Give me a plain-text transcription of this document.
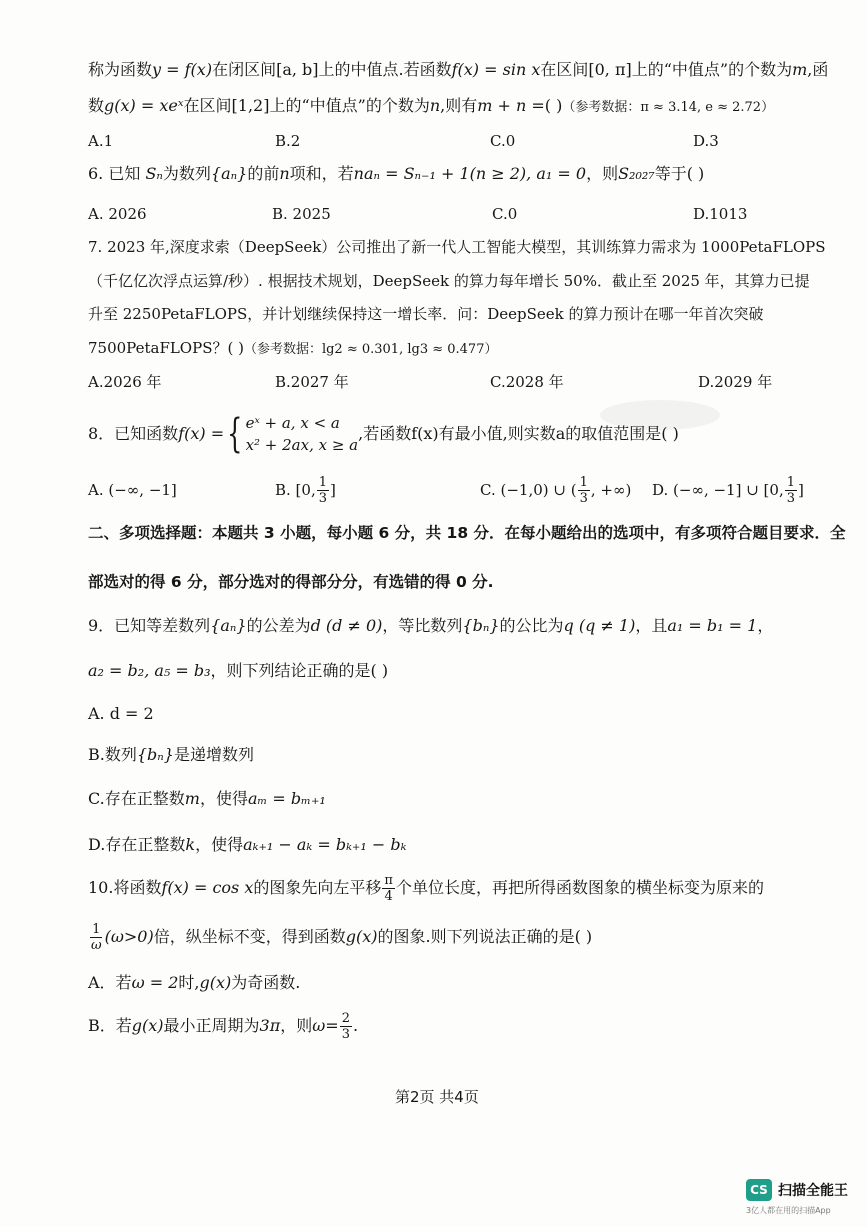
称为函数y = f(x)在闭区间[a, b]上的中值点.若函数f(x) = sin x在区间[0, π]上的“中值点”的个数为m,函
数g(x) = xeˣ在区间[1,2]上的“中值点”的个数为n,则有m + n =( )（参考数据：π ≈ 3.14, e ≈ 2.72）
A.1	B.2	C.0	D.3
6. 已知 Sₙ为数列{aₙ}的前n项和，若naₙ = Sₙ₋₁ + 1(n ≥ 2), a₁ = 0，则S₂₀₂₇等于( )
A. 2026	B. 2025	C.0	D.1013
7. 2023 年,深度求索（DeepSeek）公司推出了新一代人工智能大模型，其训练算力需求为 1000PetaFLOPS
（千亿亿次浮点运算/秒）. 根据技术规划，DeepSeek 的算力每年增长 50%．截止至 2025 年，其算力已提
升至 2250PetaFLOPS，并计划继续保持这一增长率．问：DeepSeek 的算力预计在哪一年首次突破
7500PetaFLOPS？( )（参考数据：lg2 ≈ 0.301, lg3 ≈ 0.477）
A.2026 年	B.2027 年	C.2028 年	D.2029 年
8．已知函数 f(x) = { eˣ + a, x < a
x² + 2ax, x ≥ a
,若函数f(x)有最小值,则实数a的取值范围是( )
A. (−∞, −1]	B. [0, $\frac{1}{3}$ ]	C. (−1,0) ∪ ( $\frac{1}{3}$ , +∞) D. (−∞, −1] ∪ [0, $\frac{1}{3}$ ]
二、多项选择题：本题共 3 小题，每小题 6 分，共 18 分．在每小题给出的选项中，有多项符合题目要求．全
部选对的得 6 分，部分选对的得部分分，有选错的得 0 分.
9．已知等差数列{aₙ}的公差为d (d ≠ 0)，等比数列{bₙ}的公比为q (q ≠ 1)，且a₁ = b₁ = 1，
a₂ = b₂, a₅ = b₃，则下列结论正确的是( )
A. d = 2
B.数列{bₙ}是递增数列
C.存在正整数m，使得aₘ = bₘ₊₁
D.存在正整数k，使得aₖ₊₁ − aₖ = bₖ₊₁ − bₖ
10.将函数 f(x) = cos x 的图象先向左平移 $\frac{\pi}{4}$ 个单位长度，再把所得函数图象的横坐标变为原来的
$\frac{1}{\omega} (\omega>0)$ 倍，纵坐标不变，得到函数 g(x) 的图象.则下列说法正确的是( )
A．若ω = 2时,g(x)为奇函数.
B．若 g(x) 最小正周期为 3π ，则 $\omega= \frac{2}{3}$ .
第2页 共4页
CS 扫描全能王
3亿人都在用的扫描App
